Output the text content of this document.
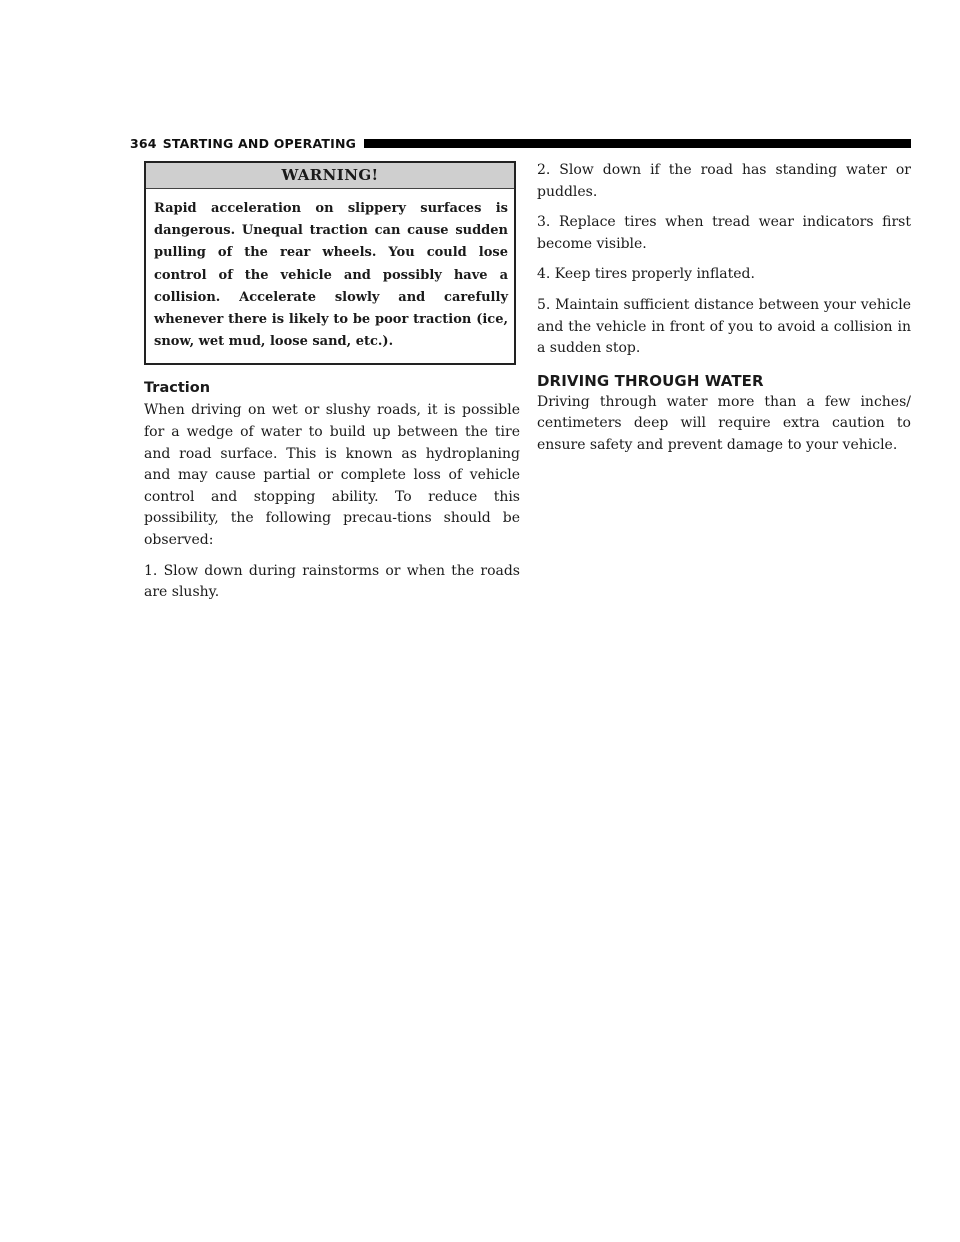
364 STARTING AND OPERATING
WARNING!
Rapid acceleration on slippery surfaces is dangerous. Unequal traction can cause sudden pulling of the rear wheels. You could lose control of the vehicle and possibly have a collision. Accelerate slowly and carefully whenever there is likely to be poor traction (ice, snow, wet mud, loose sand, etc.).
Traction

When driving on wet or slushy roads, it is possible for a wedge of water to build up between the tire and road surface. This is known as hydroplaning and may cause partial or complete loss of vehicle control and stopping ability. To reduce this possibility, the following precau-tions should be observed:

1. Slow down during rainstorms or when the roads are slushy.

2. Slow down if the road has standing water or puddles.

3. Replace tires when tread wear indicators first become visible.

4. Keep tires properly inflated.

5. Maintain sufficient distance between your vehicle and the vehicle in front of you to avoid a collision in a sudden stop.

DRIVING THROUGH WATER

Driving through water more than a few inches/ centimeters deep will require extra caution to ensure safety and prevent damage to your vehicle.
